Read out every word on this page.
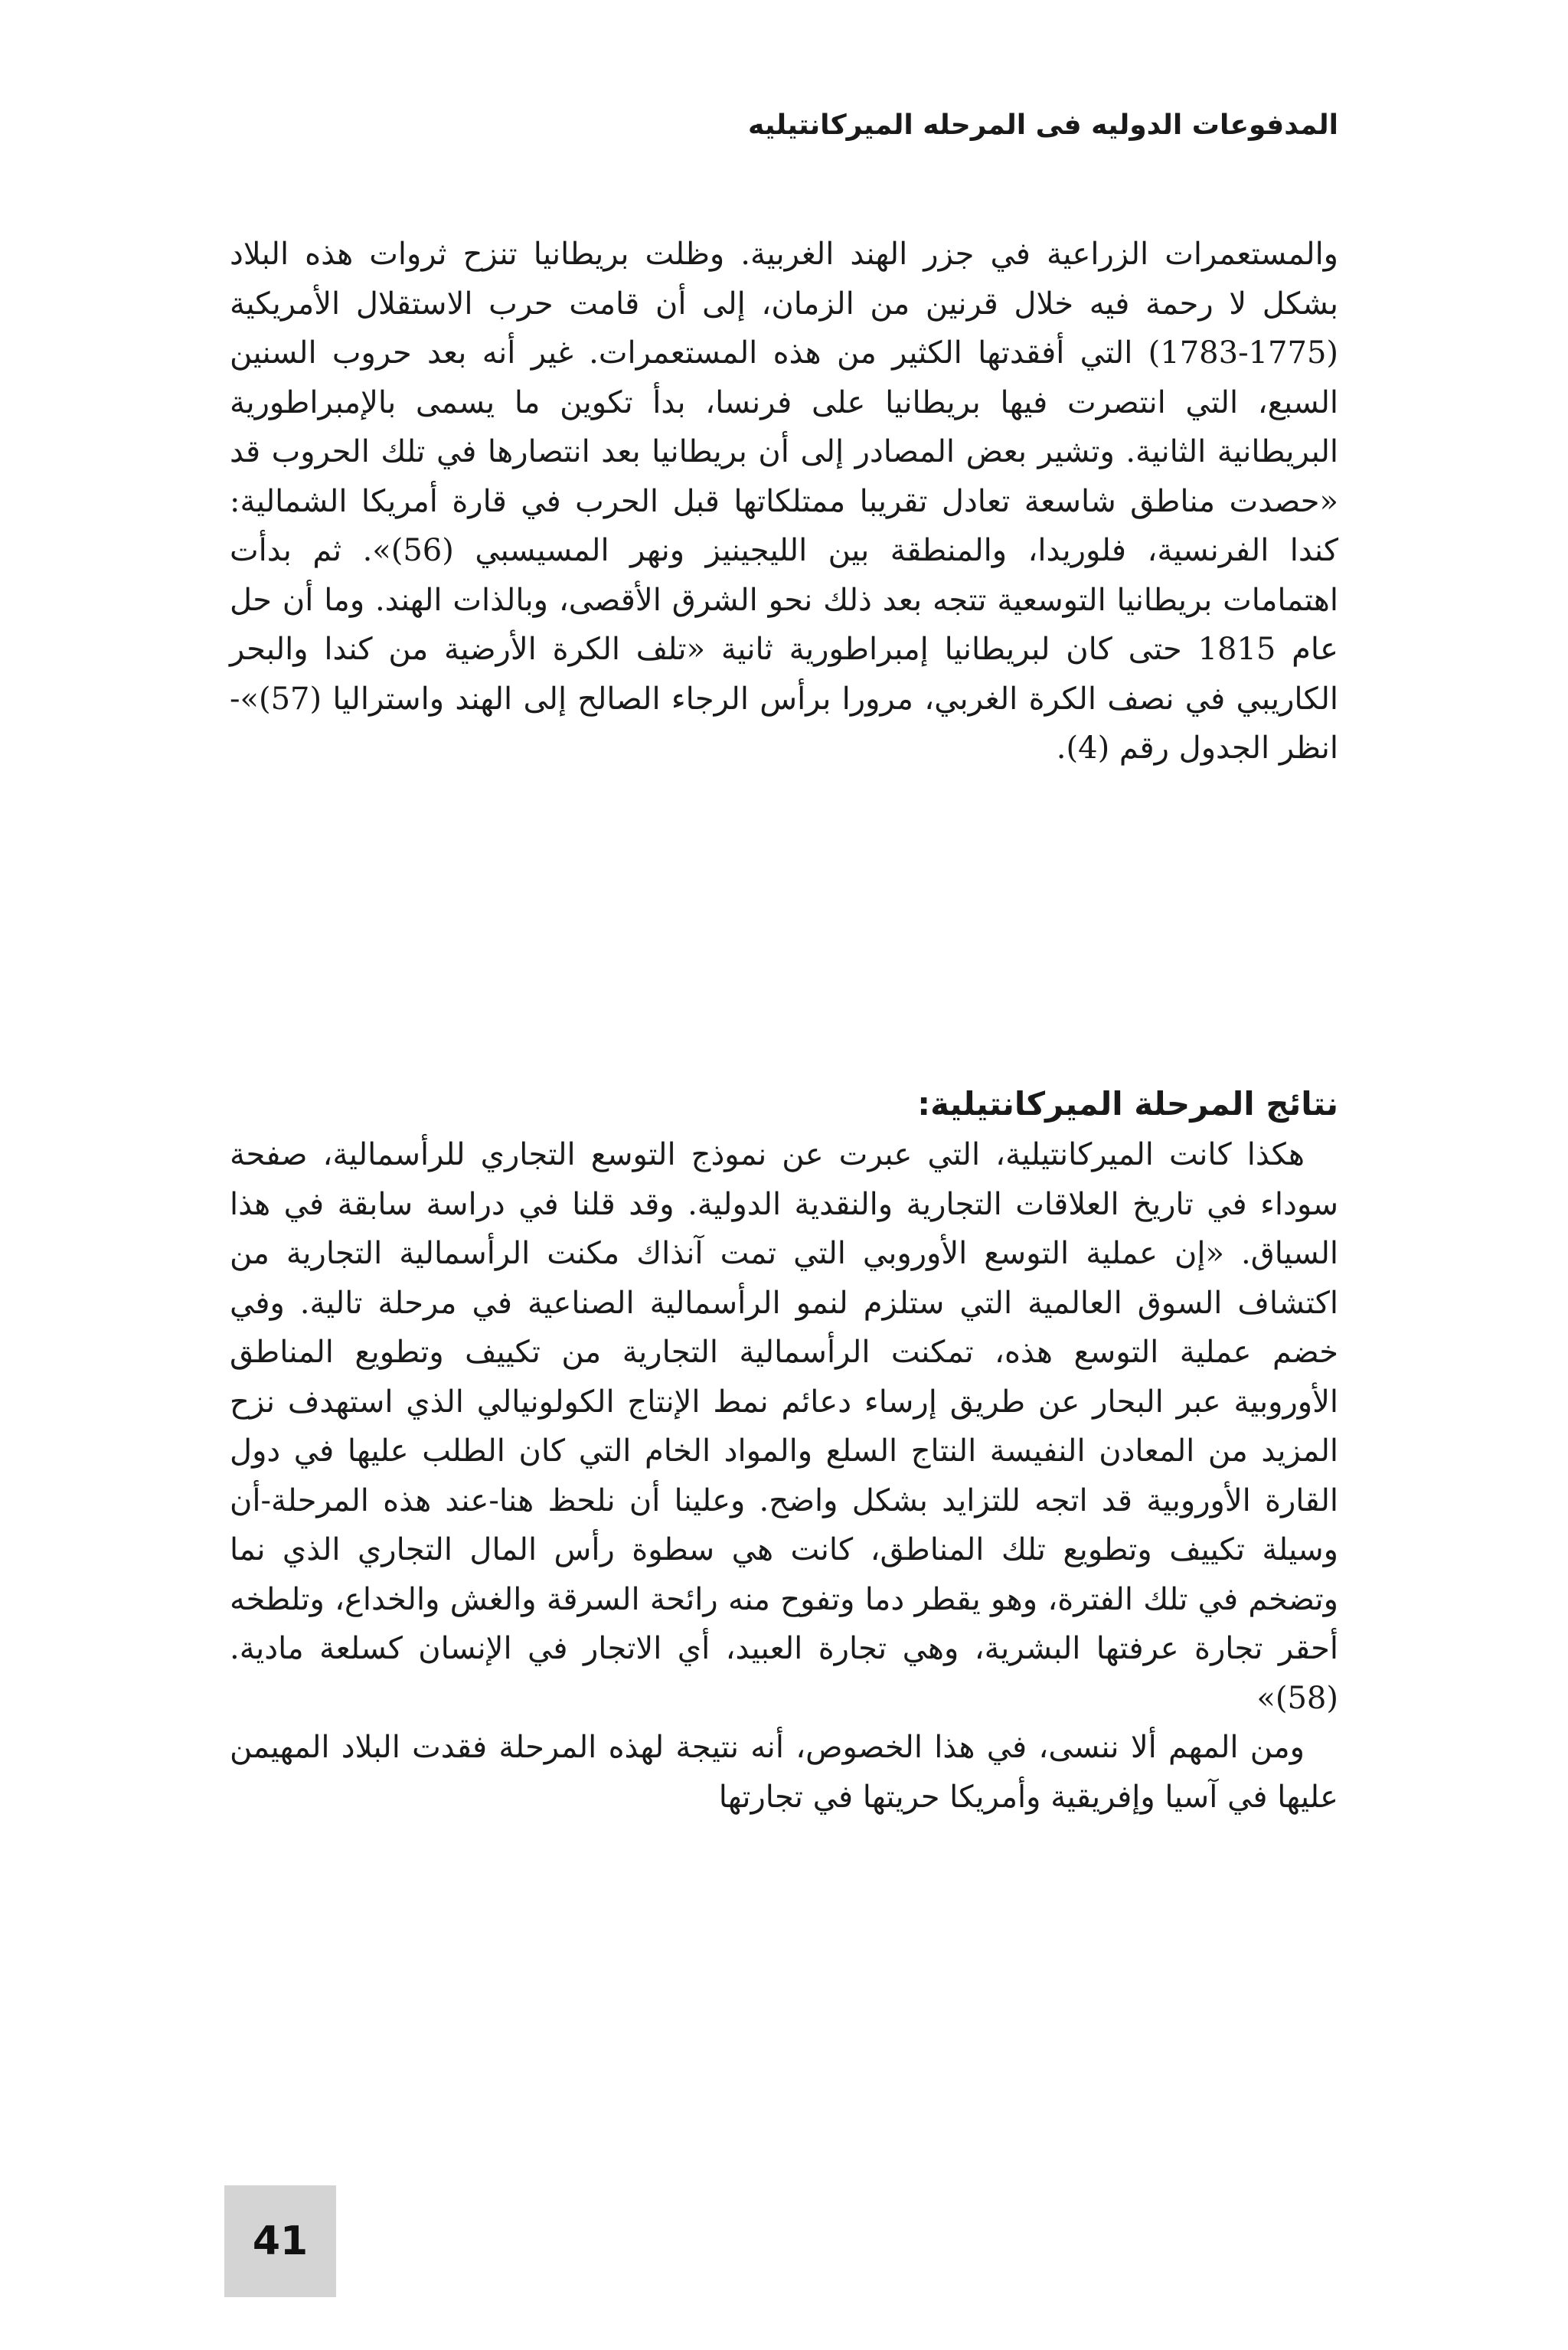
المدفوعات الدوليه فى المرحله الميركانتيليه

والمستعمرات الزراعية في جزر الهند الغربية. وظلت بريطانيا تنزح ثروات هذه البلاد بشكل لا رحمة فيه خلال قرنين من الزمان، إلى أن قامت حرب الاستقلال الأمريكية (1775-1783) التي أفقدتها الكثير من هذه المستعمرات. غير أنه بعد حروب السنين السبع، التي انتصرت فيها بريطانيا على فرنسا، بدأ تكوين ما يسمى بالإمبراطورية البريطانية الثانية. وتشير بعض المصادر إلى أن بريطانيا بعد انتصارها في تلك الحروب قد «حصدت مناطق شاسعة تعادل تقريبا ممتلكاتها قبل الحرب في قارة أمريكا الشمالية: كندا الفرنسية، فلوريدا، والمنطقة بين الليجينيز ونهر المسيسبي (56)». ثم بدأت اهتمامات بريطانيا التوسعية تتجه بعد ذلك نحو الشرق الأقصى، وبالذات الهند. وما أن حل عام 1815 حتى كان لبريطانيا إمبراطورية ثانية «تلف الكرة الأرضية من كندا والبحر الكاريبي في نصف الكرة الغربي، مرورا برأس الرجاء الصالح إلى الهند واستراليا (57)»-انظر الجدول رقم (4).

نتائج المرحلة الميركانتيلية:

هكذا كانت الميركانتيلية، التي عبرت عن نموذج التوسع التجاري للرأسمالية، صفحة سوداء في تاريخ العلاقات التجارية والنقدية الدولية. وقد قلنا في دراسة سابقة في هذا السياق. «إن عملية التوسع الأوروبي التي تمت آنذاك مكنت الرأسمالية التجارية من اكتشاف السوق العالمية التي ستلزم لنمو الرأسمالية الصناعية في مرحلة تالية. وفي خضم عملية التوسع هذه، تمكنت الرأسمالية التجارية من تكييف وتطويع المناطق الأوروبية عبر البحار عن طريق إرساء دعائم نمط الإنتاج الكولونيالي الذي استهدف نزح المزيد من المعادن النفيسة النتاج السلع والمواد الخام التي كان الطلب عليها في دول القارة الأوروبية قد اتجه للتزايد بشكل واضح. وعلينا أن نلحظ هنا-عند هذه المرحلة-أن وسيلة تكييف وتطويع تلك المناطق، كانت هي سطوة رأس المال التجاري الذي نما وتضخم في تلك الفترة، وهو يقطر دما وتفوح منه رائحة السرقة والغش والخداع، وتلطخه أحقر تجارة عرفتها البشرية، وهي تجارة العبيد، أي الاتجار في الإنسان كسلعة مادية. (58)»

ومن المهم ألا ننسى، في هذا الخصوص، أنه نتيجة لهذه المرحلة فقدت البلاد المهيمن عليها في آسيا وإفريقية وأمريكا حريتها في تجارتها

41
